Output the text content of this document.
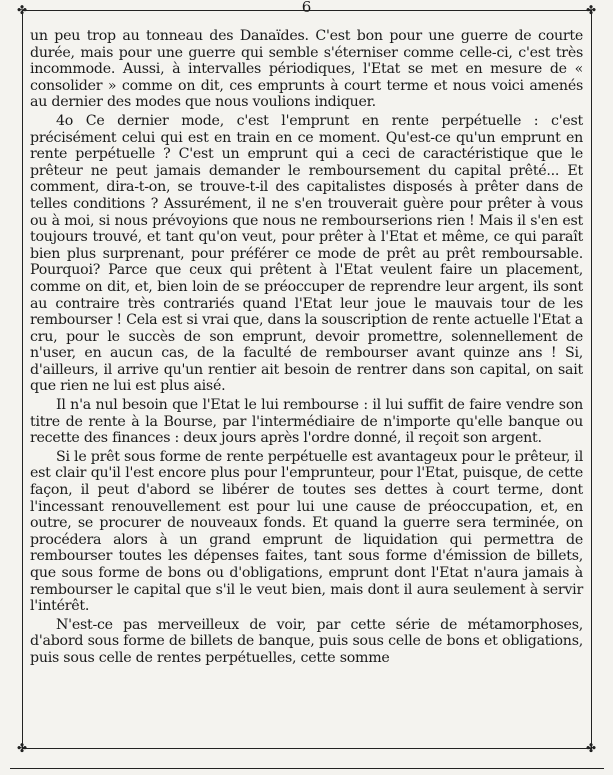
✤	✤
✤	✤
6

un peu trop au tonneau des Danaïdes. C'est bon pour une guerre de courte durée, mais pour une guerre qui semble s'éterniser comme celle-ci, c'est très incommode. Aussi, à intervalles périodiques, l'Etat se met en mesure de « consolider » comme on dit, ces emprunts à court terme et nous voici amenés au dernier des modes que nous voulions indiquer.

4o Ce dernier mode, c'est l'emprunt en rente perpétuelle : c'est précisément celui qui est en train en ce moment. Qu'est-ce qu'un emprunt en rente perpétuelle ? C'est un emprunt qui a ceci de caractéristique que le prêteur ne peut jamais demander le remboursement du capital prêté... Et comment, dira-t-on, se trouve-t-il des capitalistes disposés à prêter dans de telles conditions ? Assurément, il ne s'en trouverait guère pour prêter à vous ou à moi, si nous prévoyions que nous ne rembourserions rien ! Mais il s'en est toujours trouvé, et tant qu'on veut, pour prêter à l'Etat et même, ce qui paraît bien plus surprenant, pour préférer ce mode de prêt au prêt remboursable. Pourquoi? Parce que ceux qui prêtent à l'Etat veulent faire un placement, comme on dit, et, bien loin de se préoccuper de reprendre leur argent, ils sont au contraire très contrariés quand l'Etat leur joue le mauvais tour de les rembourser ! Cela est si vrai que, dans la souscription de rente actuelle l'Etat a cru, pour le succès de son emprunt, devoir promettre, solennellement de n'user, en aucun cas, de la faculté de rembourser avant quinze ans ! Si, d'ailleurs, il arrive qu'un rentier ait besoin de rentrer dans son capital, on sait que rien ne lui est plus aisé.

Il n'a nul besoin que l'Etat le lui rembourse : il lui suffit de faire vendre son titre de rente à la Bourse, par l'intermédiaire de n'importe qu'elle banque ou recette des finances : deux jours après l'ordre donné, il reçoit son argent.

Si le prêt sous forme de rente perpétuelle est avantageux pour le prêteur, il est clair qu'il l'est encore plus pour l'emprunteur, pour l'Etat, puisque, de cette façon, il peut d'abord se libérer de toutes ses dettes à court terme, dont l'incessant renouvellement est pour lui une cause de préoccupation, et, en outre, se procurer de nouveaux fonds. Et quand la guerre sera terminée, on procédera alors à un grand emprunt de liquidation qui permettra de rembourser toutes les dépenses faites, tant sous forme d'émission de billets, que sous forme de bons ou d'obligations, emprunt dont l'Etat n'aura jamais à rembourser le capital que s'il le veut bien, mais dont il aura seulement à servir l'intérêt.

N'est-ce pas merveilleux de voir, par cette série de métamorphoses, d'abord sous forme de billets de banque, puis sous celle de bons et obligations, puis sous celle de rentes perpétuelles, cette somme
